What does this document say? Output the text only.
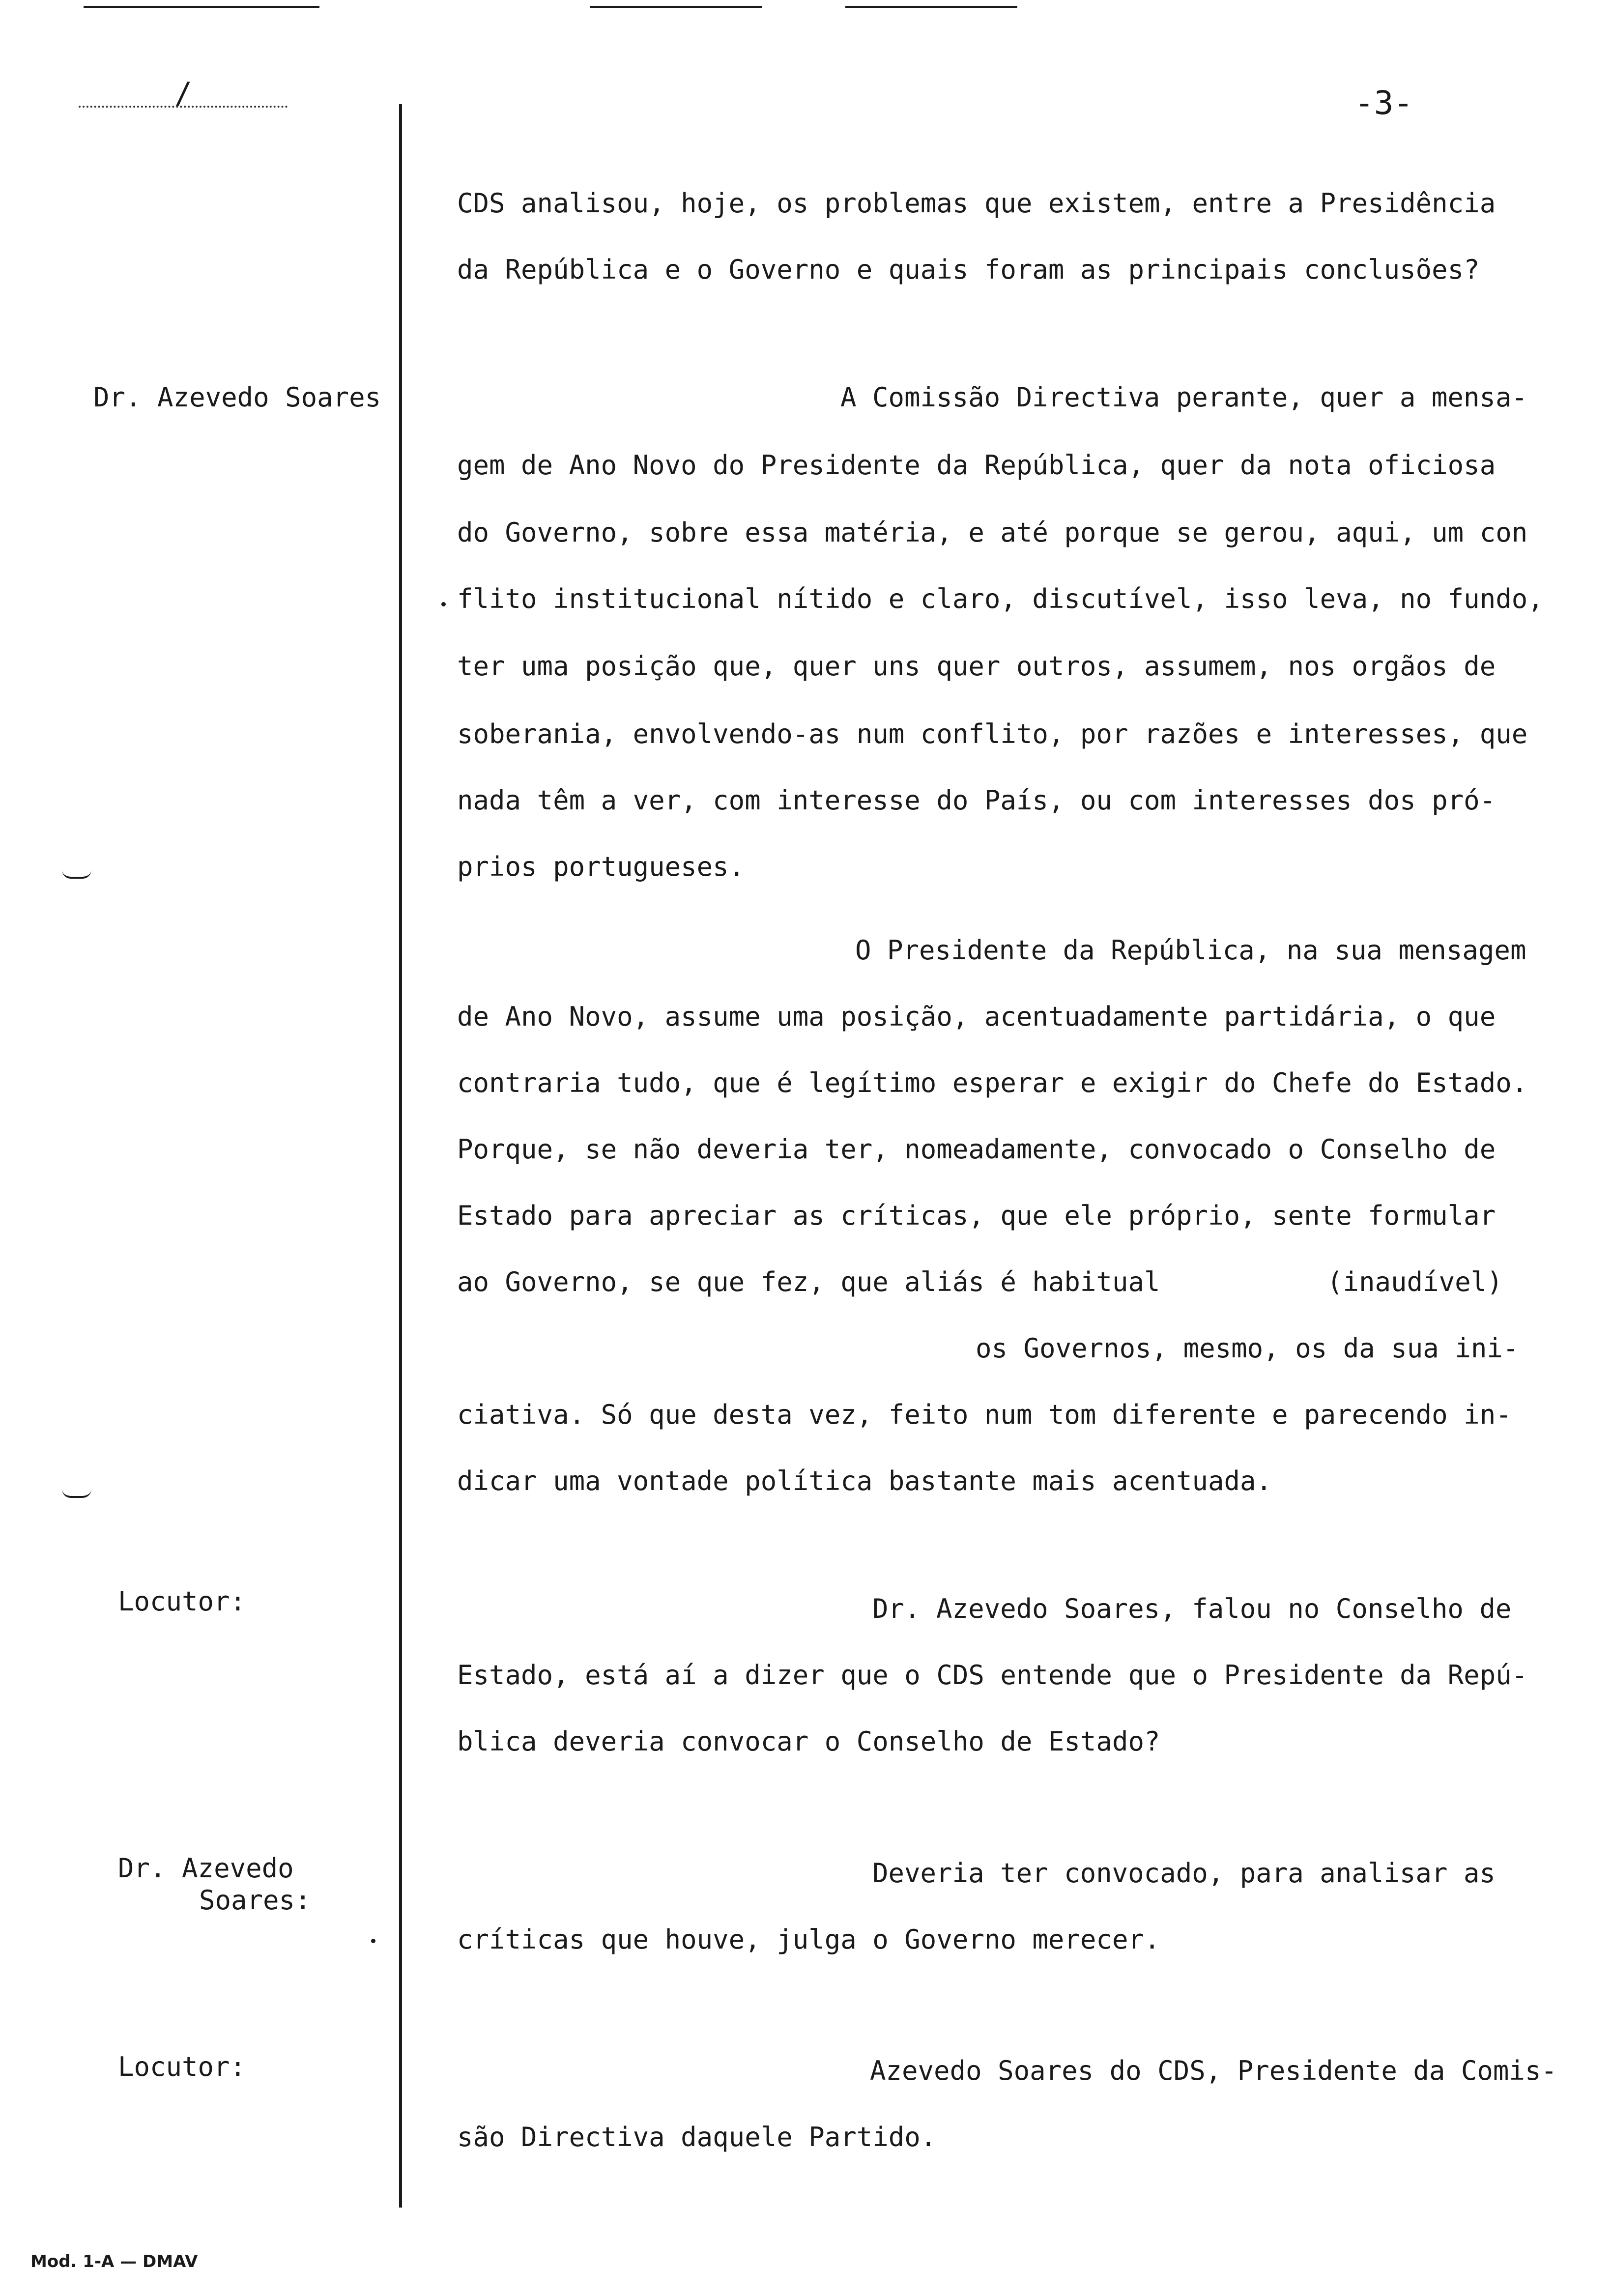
/	-3-
Dr. Azevedo Soares
Locutor:
Dr. Azevedo
Soares:
Locutor:
CDS analisou, hoje, os problemas que existem, entre a Presidência
da República e o Governo e quais foram as principais conclusões?
A Comissão Directiva perante, quer a mensa-
gem de Ano Novo do Presidente da República, quer da nota oficiosa
do Governo, sobre essa matéria, e até porque se gerou, aqui, um con
flito institucional nítido e claro, discutível, isso leva, no fundo,
ter uma posição que, quer uns quer outros, assumem, nos orgãos de
soberania, envolvendo-as num conflito, por razões e interesses, que
nada têm a ver, com interesse do País, ou com interesses dos pró-
prios portugueses.
O Presidente da República, na sua mensagem
de Ano Novo, assume uma posição, acentuadamente partidária, o que
contraria tudo, que é legítimo esperar e exigir do Chefe do Estado.
Porque, se não deveria ter, nomeadamente, convocado o Conselho de
Estado para apreciar as críticas, que ele próprio, sente formular
ao Governo, se que fez, que aliás é habitual	(inaudível)
os Governos, mesmo, os da sua ini-
ciativa. Só que desta vez, feito num tom diferente e parecendo in-
dicar uma vontade política bastante mais acentuada.
Dr. Azevedo Soares, falou no Conselho de
Estado, está aí a dizer que o CDS entende que o Presidente da Repú-
blica deveria convocar o Conselho de Estado?
Deveria ter convocado, para analisar as
críticas que houve, julga o Governo merecer.
Azevedo Soares do CDS, Presidente da Comis-
são Directiva daquele Partido.
Mod. 1-A — DMAV
